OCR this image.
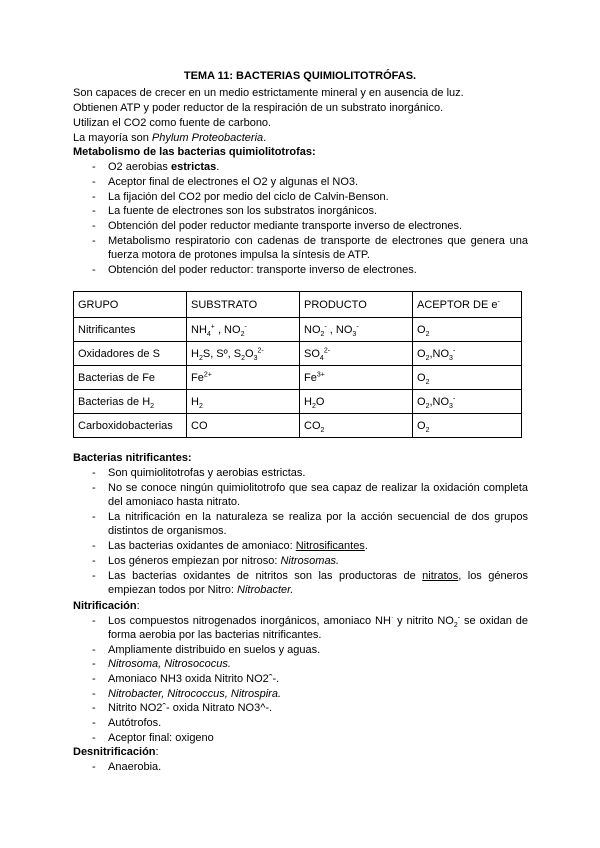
TEMA 11: BACTERIAS QUIMIOLITOTRÓFAS.
Son capaces de crecer en un medio estrictamente mineral y en ausencia de luz.
Obtienen ATP y poder reductor de la respiración de un substrato inorgánico.
Utilizan el CO2 como fuente de carbono.
La mayoría son Phylum Proteobacteria.
Metabolismo de las bacterias quimiolitotrofas:
- O2 aerobias estrictas.
- Aceptor final de electrones el O2 y algunas el NO3.
- La fijación del CO2 por medio del ciclo de Calvin-Benson.
- La fuente de electrones son los substratos inorgánicos.
- Obtención del poder reductor mediante transporte inverso de electrones.
- Metabolismo respiratorio con cadenas de transporte de electrones que genera una fuerza motora de protones impulsa la síntesis de ATP.
- Obtención del poder reductor: transporte inverso de electrones.
GRUPO	SUBSTRATO	PRODUCTO	ACEPTOR DE e-
Nitrificantes	$NH_4^+$ , $NO_2^-$	$NO_2^-$ , $NO_3^-$	$O_2$
Oxidadores de S	$H_2S$, Sº, $S_2O_3^{2-}$	$SO_4^{2-}$	$O_2,NO_3^-$
Bacterias de Fe	$Fe^{2+}$	$Fe^{3+}$	$O_2$
Bacterias de $H_2$	$H_2$	$H_2O$	$O_2,NO_3^-$
Carboxidobacterias	CO	$CO_2$	$O_2$
Bacterias nitrificantes:
- Son quimiolitotrofas y aerobias estrictas.
- No se conoce ningún quimiolitotrofo que sea capaz de realizar la oxidación completa del amoniaco hasta nitrato.
- La nitrificación en la naturaleza se realiza por la acción secuencial de dos grupos distintos de organismos.
- Las bacterias oxidantes de amoniaco: Nitrosificantes.
- Los géneros empiezan por nitroso: Nitrosomas.
- Las bacterias oxidantes de nitritos son las productoras de nitratos, los géneros empiezan todos por Nitro: Nitrobacter.
Nitrificación:
- Los compuestos nitrogenados inorgánicos, amoniaco NH· y nitrito $NO_2^-$ se oxidan de forma aerobia por las bacterias nitrificantes.
- Ampliamente distribuido en suelos y aguas.
- Nitrosoma, Nitrosococus.
- Amoniaco NH3 oxida Nitrito NO2ˆ-.
- Nitrobacter, Nitrococcus, Nitrospira.
- Nitrito NO2ˆ- oxida Nitrato NO3^-.
- Autótrofos.
- Aceptor final: oxigeno
Desnitrificación:
- Anaerobia.
